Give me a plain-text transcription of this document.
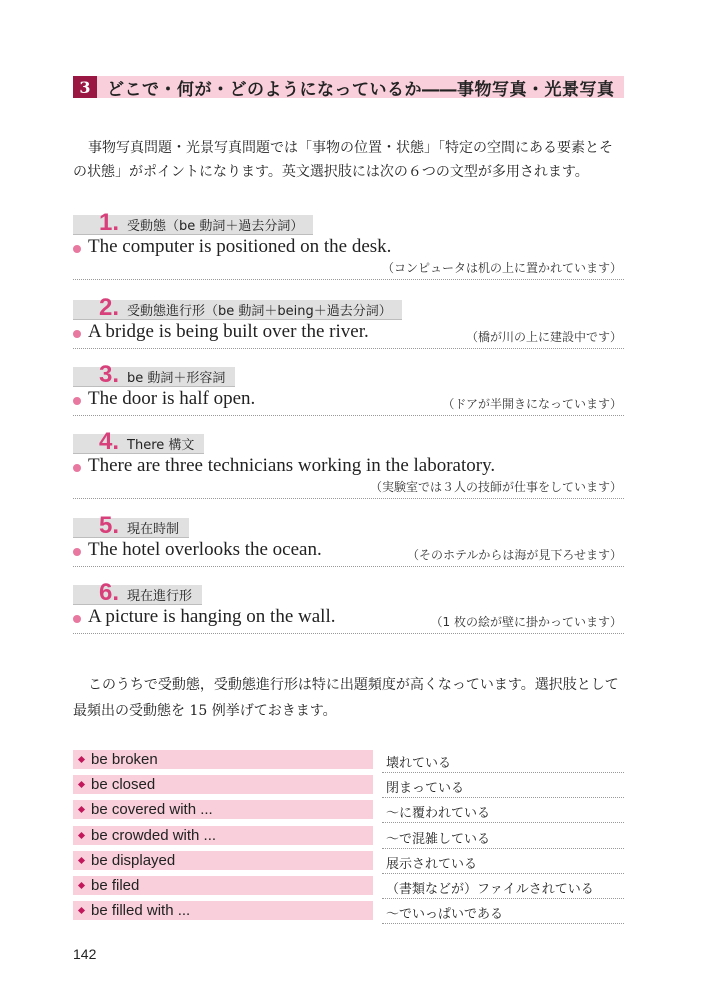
3 どこで・何が・どのようになっているか――事物写真・光景写真

事物写真問題・光景写真問題では「事物の位置・状態」「特定の空間にある要素とその状態」がポイントになります。英文選択肢には次の６つの文型が多用されます。

1. 受動態（be 動詞＋過去分詞）
The computer is positioned on the desk.
（コンピュータは机の上に置かれています）
2. 受動態進行形（be 動詞＋being＋過去分詞）
A bridge is being built over the river.	（橋が川の上に建設中です）
3. be 動詞＋形容詞
The door is half open.	（ドアが半開きになっています）
4. There 構文
There are three technicians working in the laboratory.
（実験室では３人の技師が仕事をしています）
5. 現在時制
The hotel overlooks the ocean.	（そのホテルからは海が見下ろせます）
6. 現在進行形
A picture is hanging on the wall.	（1 枚の絵が壁に掛かっています）

このうちで受動態，受動態進行形は特に出題頻度が高くなっています。選択肢として最頻出の受動態を 15 例挙げておきます。

be broken	壊れている
be closed	閉まっている
be covered with ...	～に覆われている
be crowded with ...	～で混雑している
be displayed	展示されている
be filed	（書類などが）ファイルされている
be filled with ...	～でいっぱいである
142
